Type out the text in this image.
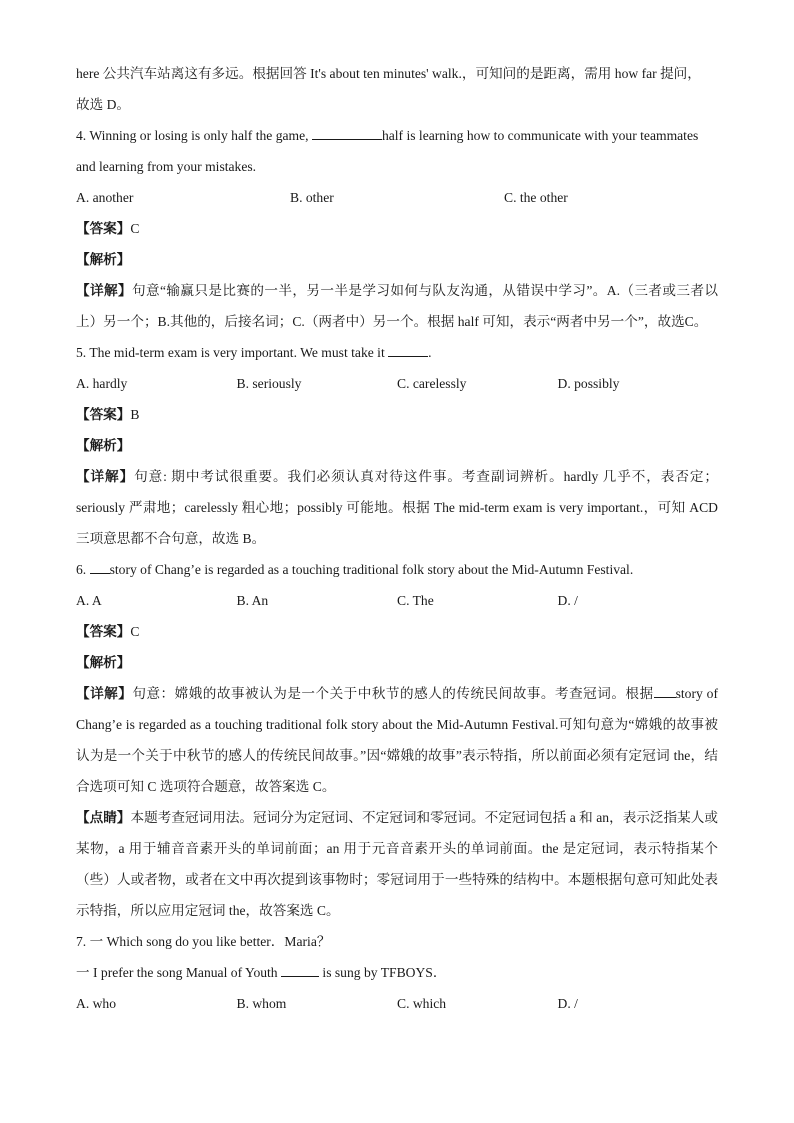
here 公共汽车站离这有多远。根据回答 It's about ten minutes' walk.，可知问的是距离，需用 how far 提问，
故选 D。
4. Winning or losing is only half the game,	half is learning how to communicate with your teammates
and learning from your mistakes.
A. another	B. other	C. the other
【答案】C
【解析】
【详解】句意“输赢只是比赛的一半，另一半是学习如何与队友沟通，从错误中学习”。A.（三者或三者以上）另一个；B.其他的，后接名词；C.（两者中）另一个。根据 half 可知，表示“两者中另一个”，故选C。
5. The mid-term exam is very important. We must take it	.
A. hardly	B. seriously	C. carelessly	D. possibly
【答案】B
【解析】
【详解】句意: 期中考试很重要。我们必须认真对待这件事。考查副词辨析。hardly 几乎不，表否定；seriously 严肃地；carelessly 粗心地；possibly 可能地。根据 The mid-term exam is very important.，可知 ACD 三项意思都不合句意，故选 B。
6. story of Chang’e is regarded as a touching traditional folk story about the Mid-Autumn Festival.
A. A	B. An	C. The	D. /
【答案】C
【解析】
【详解】句意：嫦娥的故事被认为是一个关于中秋节的感人的传统民间故事。考查冠词。根据 story of Chang’e is regarded as a touching traditional folk story about the Mid-Autumn Festival.可知句意为“嫦娥的故事被认为是一个关于中秋节的感人的传统民间故事。”因“嫦娥的故事”表示特指，所以前面必须有定冠词 the，结合选项可知 C 选项符合题意，故答案选 C。
【点睛】本题考查冠词用法。冠词分为定冠词、不定冠词和零冠词。不定冠词包括 a 和 an，表示泛指某人或某物，a 用于辅音音素开头的单词前面；an 用于元音音素开头的单词前面。the 是定冠词，表示特指某个（些）人或者物，或者在文中再次提到该事物时；零冠词用于一些特殊的结构中。本题根据句意可知此处表示特指，所以应用定冠词 the，故答案选 C。
7. 一 Which song do you like better．Maria？
一 I prefer the song Manual of Youth	is sung by TFBOYS．
A. who	B. whom	C. which	D. /
